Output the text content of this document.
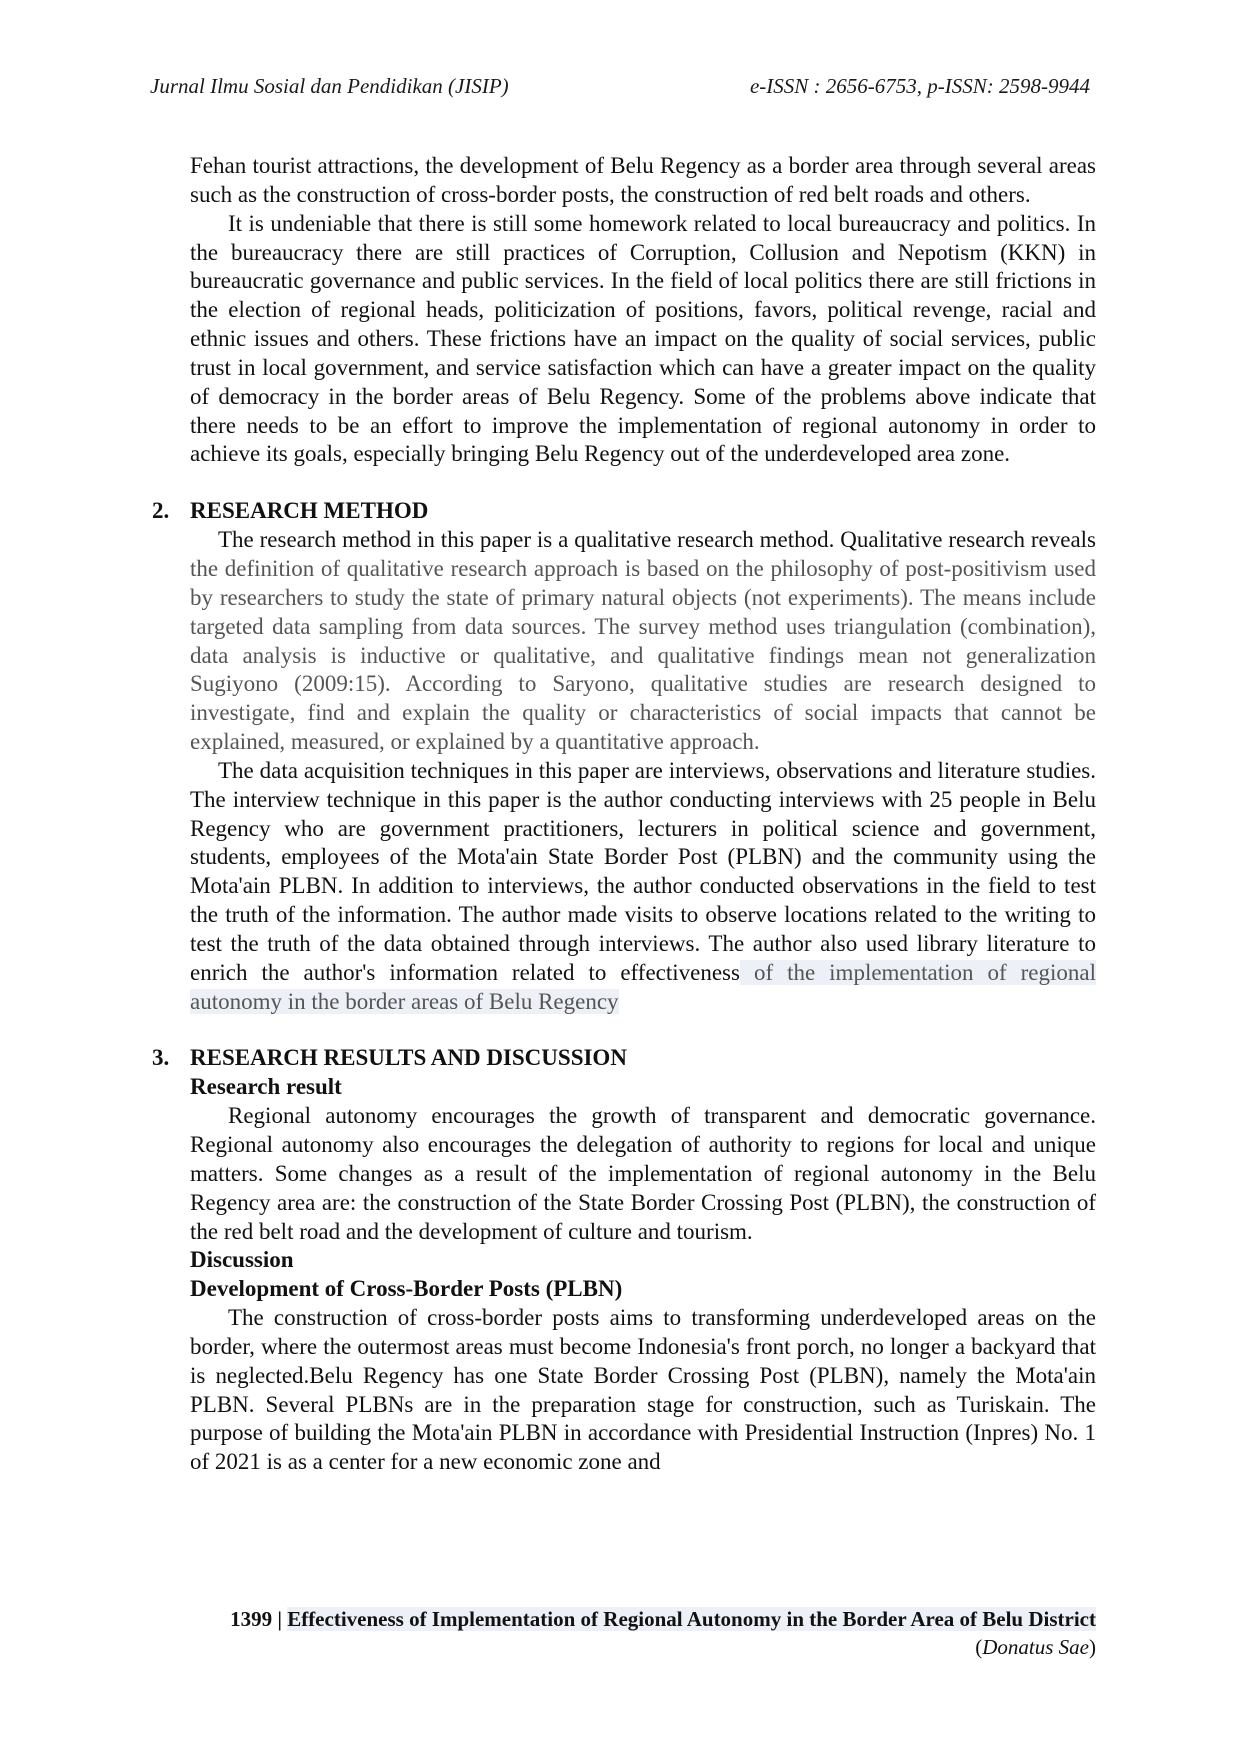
Jurnal Ilmu Sosial dan Pendidikan (JISIP)	e-ISSN : 2656-6753, p-ISSN: 2598-9944

Fehan tourist attractions, the development of Belu Regency as a border area through several areas such as the construction of cross-border posts, the construction of red belt roads and others.

It is undeniable that there is still some homework related to local bureaucracy and politics. In the bureaucracy there are still practices of Corruption, Collusion and Nepotism (KKN) in bureaucratic governance and public services. In the field of local politics there are still frictions in the election of regional heads, politicization of positions, favors, political revenge, racial and ethnic issues and others. These frictions have an impact on the quality of social services, public trust in local government, and service satisfaction which can have a greater impact on the quality of democracy in the border areas of Belu Regency. Some of the problems above indicate that there needs to be an effort to improve the implementation of regional autonomy in order to achieve its goals, especially bringing Belu Regency out of the underdeveloped area zone.

2. RESEARCH METHOD

The research method in this paper is a qualitative research method. Qualitative research reveals the definition of qualitative research approach is based on the philosophy of post-positivism used by researchers to study the state of primary natural objects (not experiments). The means include targeted data sampling from data sources. The survey method uses triangulation (combination), data analysis is inductive or qualitative, and qualitative findings mean not generalization Sugiyono (2009:15). According to Saryono, qualitative studies are research designed to investigate, find and explain the quality or characteristics of social impacts that cannot be explained, measured, or explained by a quantitative approach.

The data acquisition techniques in this paper are interviews, observations and literature studies. The interview technique in this paper is the author conducting interviews with 25 people in Belu Regency who are government practitioners, lecturers in political science and government, students, employees of the Mota'ain State Border Post (PLBN) and the community using the Mota'ain PLBN. In addition to interviews, the author conducted observations in the field to test the truth of the information. The author made visits to observe locations related to the writing to test the truth of the data obtained through interviews. The author also used library literature to enrich the author's information related to effectiveness of the implementation of regional autonomy in the border areas of Belu Regency

3. RESEARCH RESULTS AND DISCUSSION
Research result

Regional autonomy encourages the growth of transparent and democratic governance. Regional autonomy also encourages the delegation of authority to regions for local and unique matters. Some changes as a result of the implementation of regional autonomy in the Belu Regency area are: the construction of the State Border Crossing Post (PLBN), the construction of the red belt road and the development of culture and tourism.

Discussion
Development of Cross-Border Posts (PLBN)

The construction of cross-border posts aims to transforming underdeveloped areas on the border, where the outermost areas must become Indonesia's front porch, no longer a backyard that is neglected.Belu Regency has one State Border Crossing Post (PLBN), namely the Mota'ain PLBN. Several PLBNs are in the preparation stage for construction, such as Turiskain. The purpose of building the Mota'ain PLBN in accordance with Presidential Instruction (Inpres) No. 1 of 2021 is as a center for a new economic zone and

1399 | Effectiveness of Implementation of Regional Autonomy in the Border Area of Belu District (Donatus Sae)
